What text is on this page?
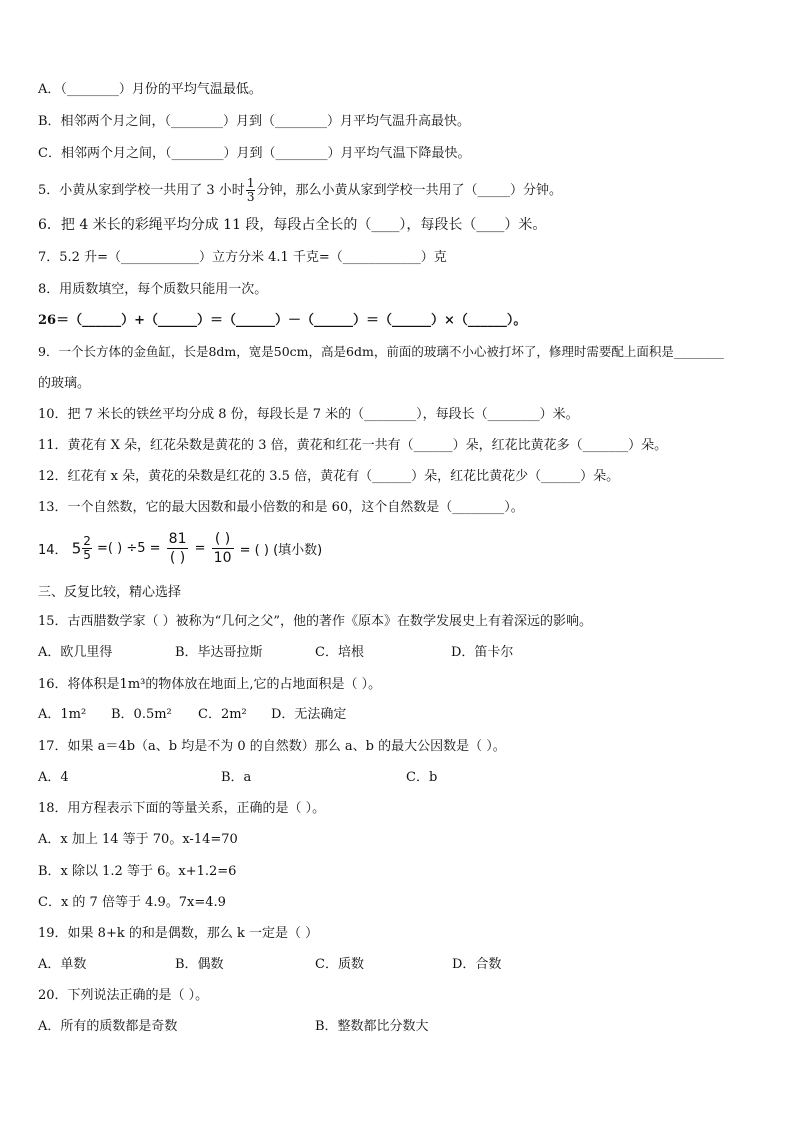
A．（________）月份的平均气温最低。
B．相邻两个月之间，（________）月到（________）月平均气温升高最快。
C．相邻两个月之间，（________）月到（________）月平均气温下降最快。
5．小黄从家到学校一共用了 3 小时 $\frac{1}{3}$ 分钟，那么小黄从家到学校一共用了（_____）分钟。
6．把 4 米长的彩绳平均分成 11 段，每段占全长的（____），每段长（____）米。
7．5.2 升=（____________）立方分米 4.1 千克=（____________）克
8．用质数填空，每个质数只能用一次。
26＝（______）+（______）＝（______）－（______）＝（______）×（______）。
9．一个长方体的金鱼缸，长是8dm，宽是50cm，高是6dm，前面的玻璃不小心被打坏了，修理时需要配上面积是________
的玻璃。
10．把 7 米长的铁丝平均分成 8 份，每段长是 7 米的（________），每段长（________）米。
11．黄花有 X 朵，红花朵数是黄花的 3 倍，黄花和红花一共有（______）朵，红花比黄花多（_______）朵。
12．红花有 x 朵，黄花的朵数是红花的 3.5 倍，黄花有（______）朵，红花比黄花少（______）朵。
13．一个自然数，它的最大因数和最小倍数的和是 60，这个自然数是（________）。
14． $5 \frac{2}{5}$ =( ) ÷5 =
81
( )
=
( )
10 = ( ) (填小数)
三、反复比较，精心选择
15．古西腊数学家（ ）被称为“几何之父”，他的著作《原本》在数学发展史上有着深远的影响。
A．欧几里得	B．毕达哥拉斯	C．培根	D．笛卡尔
16．将体积是1m³的物体放在地面上,它的占地面积是（ ）。
A．1m² B．0.5m² C．2m² D．无法确定
17．如果 a＝4b（a、b 均是不为 0 的自然数）那么 a、b 的最大公因数是（ ）。
A．4	B．a	C．b
18．用方程表示下面的等量关系，正确的是（ ）。
A．x 加上 14 等于 70。x-14=70
B．x 除以 1.2 等于 6。x+1.2=6
C．x 的 7 倍等于 4.9。7x=4.9
19．如果 8+k 的和是偶数，那么 k 一定是（ ）
A．单数	B．偶数	C．质数	D．合数
20．下列说法正确的是（ ）。
A．所有的质数都是奇数	B．整数都比分数大
